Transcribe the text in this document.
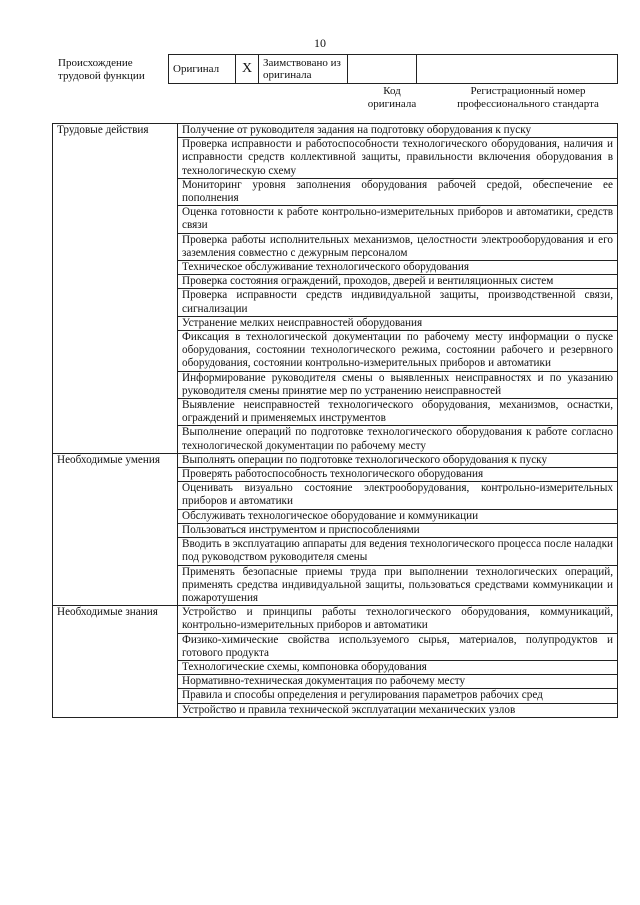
10
Происхождение трудовой функции
Оригинал	X	Заимствовано из оригинала		
Код оригинала
Регистрационный номер профессионального стандарта
Трудовые действия	Получение от руководителя задания на подготовку оборудования к пуску
	Проверка исправности и работоспособности технологического оборудования, наличия и исправности средств коллективной защиты, правильности включения оборудования в технологическую схему
	Мониторинг уровня заполнения оборудования рабочей средой, обеспечение ее пополнения
	Оценка готовности к работе контрольно-измерительных приборов и автоматики, средств связи
	Проверка работы исполнительных механизмов, целостности электрооборудования и его заземления совместно с дежурным персоналом
	Техническое обслуживание технологического оборудования
	Проверка состояния ограждений, проходов, дверей и вентиляционных систем
	Проверка исправности средств индивидуальной защиты, производственной связи, сигнализации
	Устранение мелких неисправностей оборудования
	Фиксация в технологической документации по рабочему месту информации о пуске оборудования, состоянии технологического режима, состоянии рабочего и резервного оборудования, состоянии контрольно-измерительных приборов и автоматики
	Информирование руководителя смены о выявленных неисправностях и по указанию руководителя смены принятие мер по устранению неисправностей
	Выявление неисправностей технологического оборудования, механизмов, оснастки, ограждений и применяемых инструментов
	Выполнение операций по подготовке технологического оборудования к работе согласно технологической документации по рабочему месту
Необходимые умения	Выполнять операции по подготовке технологического оборудования к пуску
	Проверять работоспособность технологического оборудования
	Оценивать визуально состояние электрооборудования, контрольно-измерительных приборов и автоматики
	Обслуживать технологическое оборудование и коммуникации
	Пользоваться инструментом и приспособлениями
	Вводить в эксплуатацию аппараты для ведения технологического процесса после наладки под руководством руководителя смены
	Применять безопасные приемы труда при выполнении технологических операций, применять средства индивидуальной защиты, пользоваться средствами коммуникации и пожаротушения
Необходимые знания	Устройство и принципы работы технологического оборудования, коммуникаций, контрольно-измерительных приборов и автоматики
	Физико-химические свойства используемого сырья, материалов, полупродуктов и готового продукта
	Технологические схемы, компоновка оборудования
	Нормативно-техническая документация по рабочему месту
	Правила и способы определения и регулирования параметров рабочих сред
	Устройство и правила технической эксплуатации механических узлов
